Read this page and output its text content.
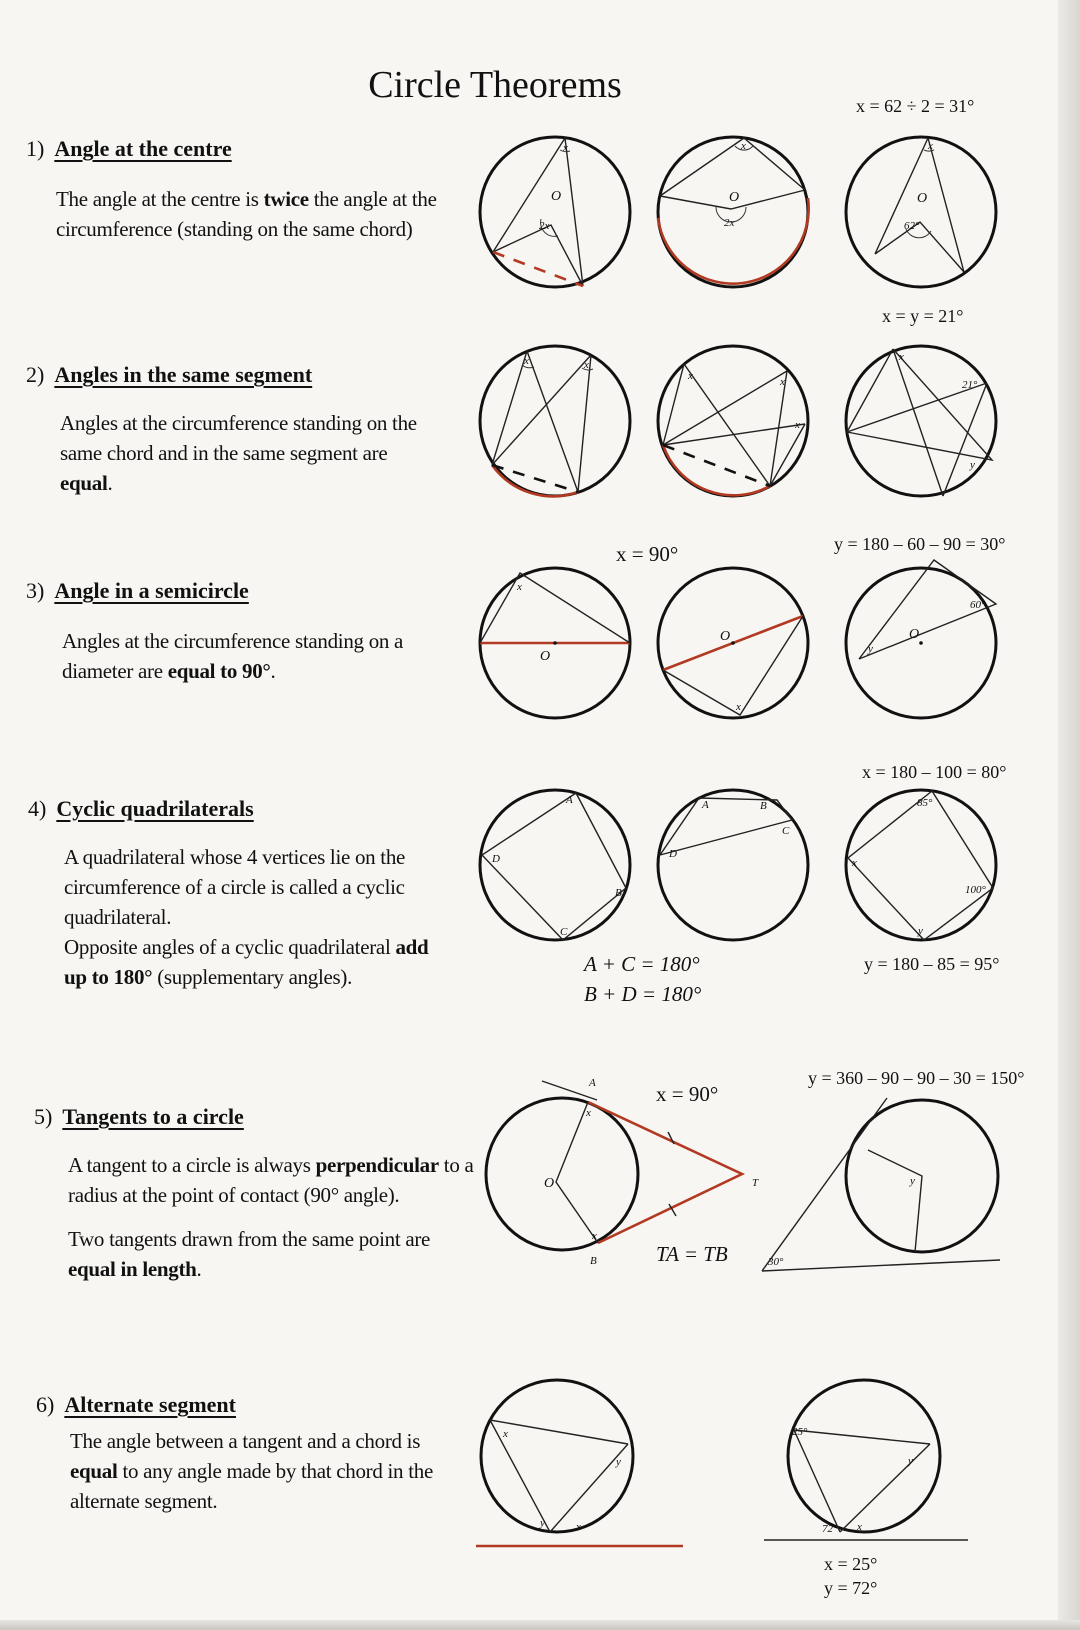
Circle Theorems
1) Angle at the centre
The angle at the centre is twice the angle at the circumference (standing on the same chord)
2) Angles in the same segment
Angles at the circumference standing on the same chord and in the same segment are equal.
3) Angle in a semicircle
Angles at the circumference standing on a diameter are equal to 90°.
4) Cyclic quadrilaterals
A quadrilateral whose 4 vertices lie on the circumference of a circle is called a cyclic quadrilateral.
Opposite angles of a cyclic quadrilateral add up to 180° (supplementary angles).
5) Tangents to a circle
A tangent to a circle is always perpendicular to a radius at the point of contact (90° angle).
Two tangents drawn from the same point are equal in length.
6) Alternate segment
The angle between a tangent and a chord is equal to any angle made by that chord in the alternate segment.
x = 62 ÷ 2 = 31°
x = y = 21°
x = 90°	y = 180 – 60 – 90 = 30°
x = 180 – 100 = 80°
A + C = 180°
B + D = 180°
y = 180 – 85 = 95°
x = 90°
y = 360 – 90 – 90 – 30 = 150°
TA = TB
x = 25°
y = 72°
x
O
2x
x
O
2x
x
O
62°
x	x
x	x
x
x
21°
y
O
x
O
x
O
60°
y
A
B
C
D
A	B
C
D
85°
100°
y
x
A
x
O
x
B
T	y
30°
x
y
y	x
25°
y
72° x
